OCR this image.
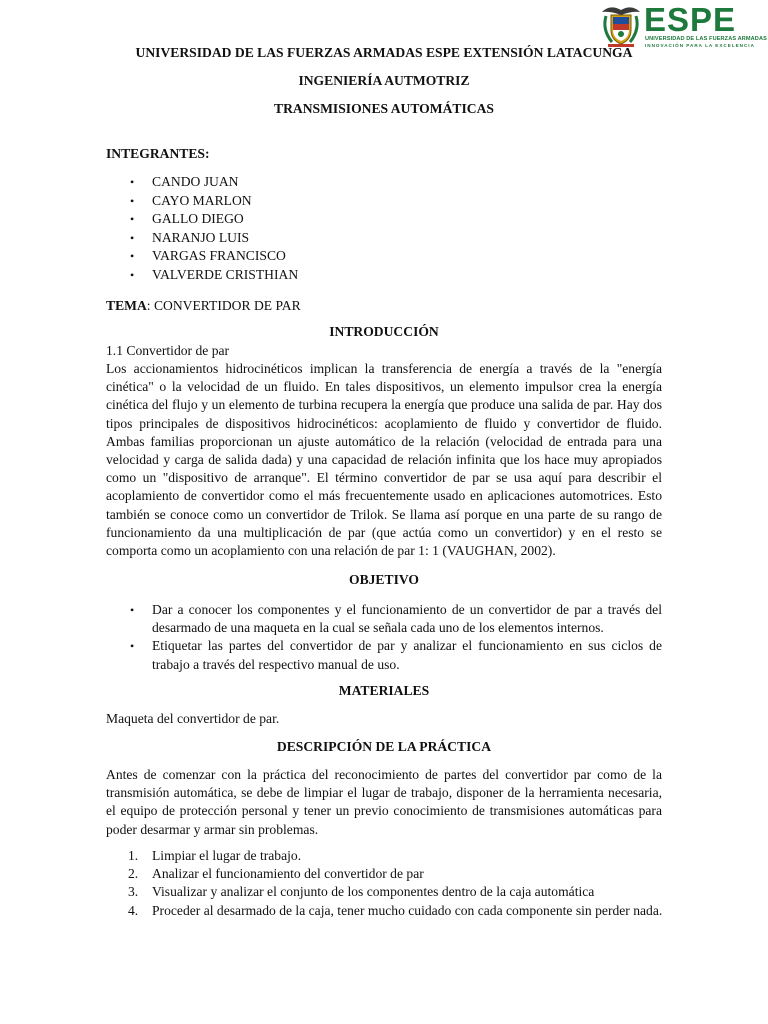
ESPE
UNIVERSIDAD DE LAS FUERZAS ARMADAS
INNOVACIÓN PARA LA EXCELENCIA
UNIVERSIDAD DE LAS FUERZAS ARMADAS ESPE EXTENSIÓN LATACUNGA
INGENIERÍA AUTMOTRIZ
TRANSMISIONES AUTOMÁTICAS
INTEGRANTES:
• CANDO JUAN
• CAYO MARLON
• GALLO DIEGO
• NARANJO LUIS
• VARGAS FRANCISCO
• VALVERDE CRISTHIAN
TEMA: CONVERTIDOR DE PAR
INTRODUCCIÓN
1.1 Convertidor de par
Los accionamientos hidrocinéticos implican la transferencia de energía a través de la "energía
cinética" o la velocidad de un fluido. En tales dispositivos, un elemento impulsor crea la energía
cinética del flujo y un elemento de turbina recupera la energía que produce una salida de par. Hay dos
tipos principales de dispositivos hidrocinéticos: acoplamiento de fluido y convertidor de fluido.
Ambas familias proporcionan un ajuste automático de la relación (velocidad de entrada para una
velocidad y carga de salida dada) y una capacidad de relación infinita que los hace muy apropiados
como un "dispositivo de arranque". El término convertidor de par se usa aquí para describir el
acoplamiento de convertidor como el más frecuentemente usado en aplicaciones automotrices. Esto
también se conoce como un convertidor de Trilok. Se llama así porque en una parte de su rango de
funcionamiento da una multiplicación de par (que actúa como un convertidor) y en el resto se
comporta como un acoplamiento con una relación de par 1: 1 (VAUGHAN, 2002).
OBJETIVO
• Dar a conocer los componentes y el funcionamiento de un convertidor de par a través del
desarmado de una maqueta en la cual se señala cada uno de los elementos internos.
• Etiquetar las partes del convertidor de par y analizar el funcionamiento en sus ciclos de
trabajo a través del respectivo manual de uso.
MATERIALES
Maqueta del convertidor de par.
DESCRIPCIÓN DE LA PRÁCTICA
Antes de comenzar con la práctica del reconocimiento de partes del convertidor par como de la
transmisión automática, se debe de limpiar el lugar de trabajo, disponer de la herramienta necesaria,
el equipo de protección personal y tener un previo conocimiento de transmisiones automáticas para
poder desarmar y armar sin problemas.
1. Limpiar el lugar de trabajo.
2. Analizar el funcionamiento del convertidor de par
3. Visualizar y analizar el conjunto de los componentes dentro de la caja automática
4. Proceder al desarmado de la caja, tener mucho cuidado con cada componente sin perder nada.
